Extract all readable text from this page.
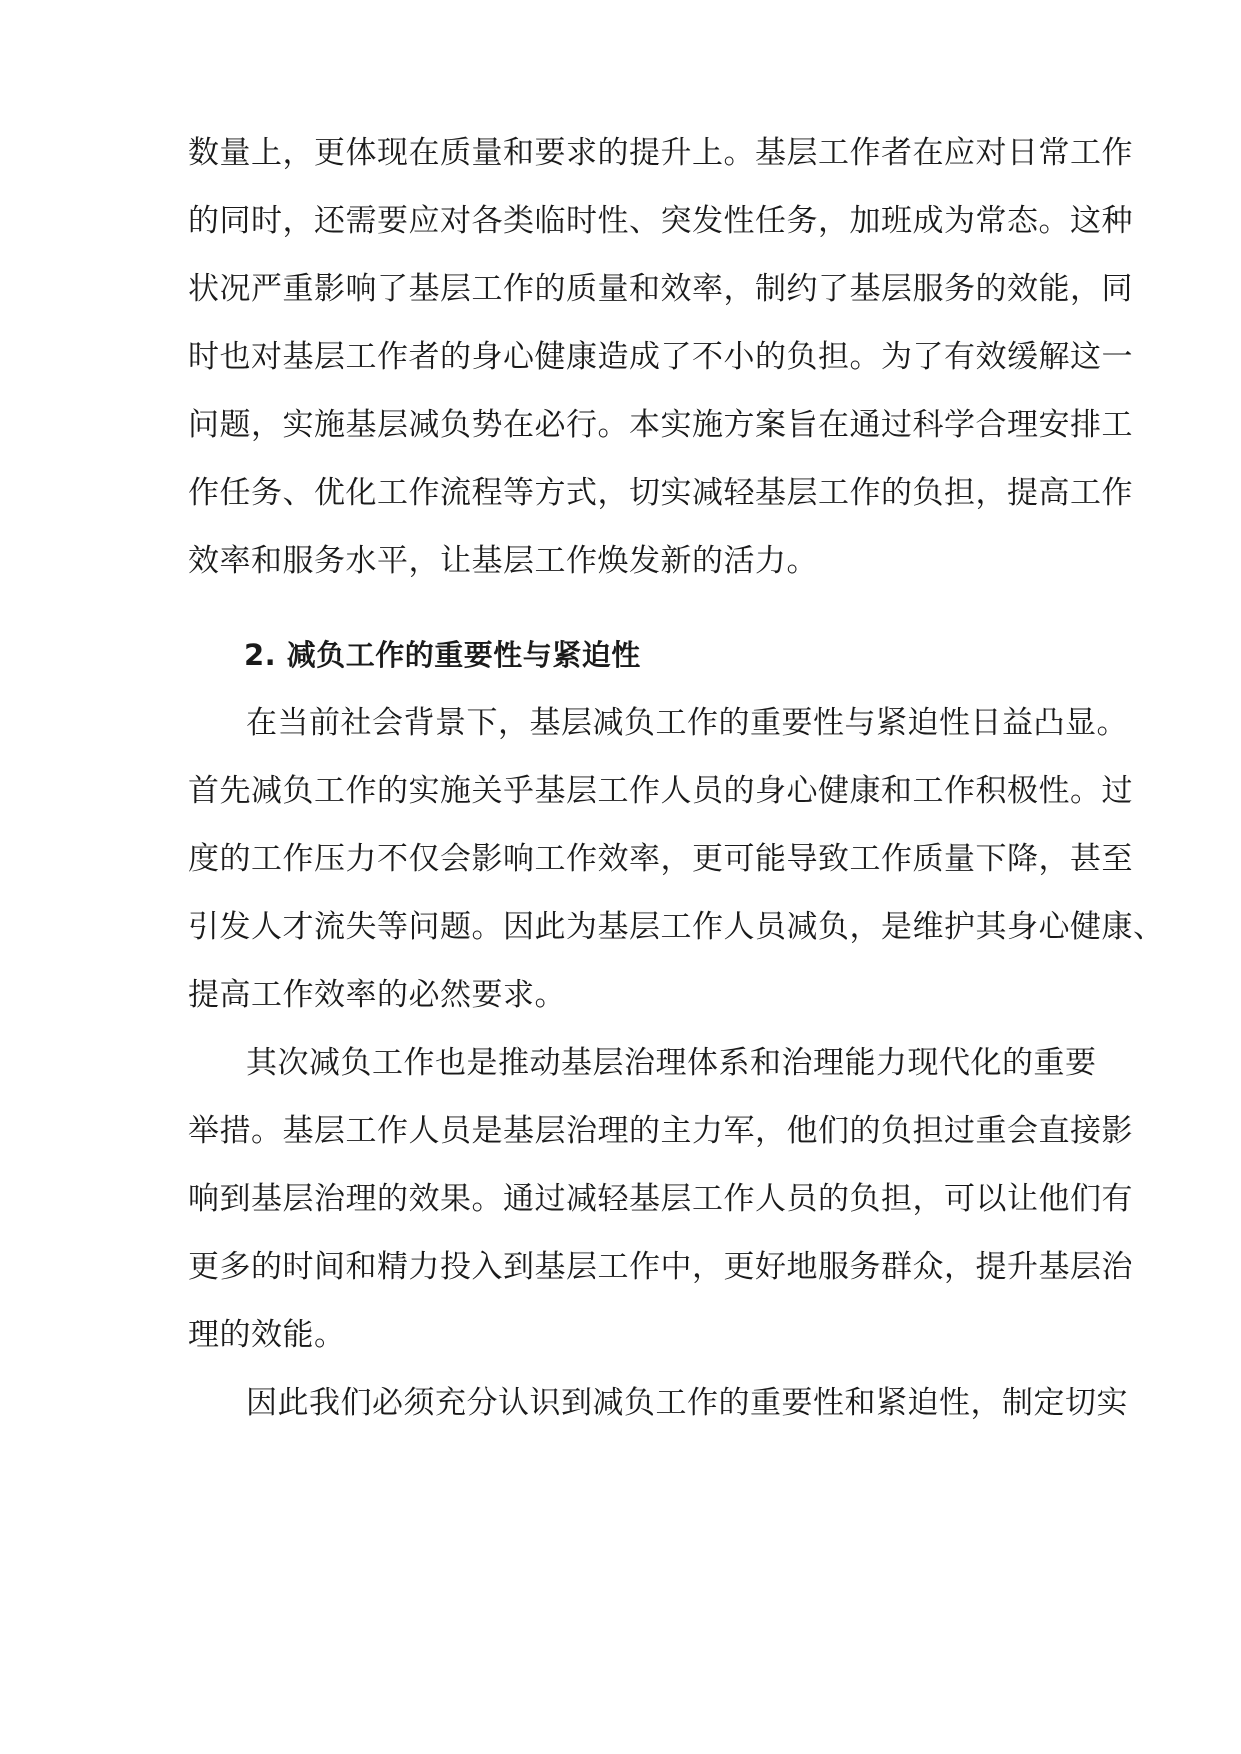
数量上，更体现在质量和要求的提升上。基层工作者在应对日常工作
的同时，还需要应对各类临时性、突发性任务，加班成为常态。这种
状况严重影响了基层工作的质量和效率，制约了基层服务的效能，同
时也对基层工作者的身心健康造成了不小的负担。为了有效缓解这一
问题，实施基层减负势在必行。本实施方案旨在通过科学合理安排工
作任务、优化工作流程等方式，切实减轻基层工作的负担，提高工作
效率和服务水平，让基层工作焕发新的活力。
2. 减负工作的重要性与紧迫性
在当前社会背景下，基层减负工作的重要性与紧迫性日益凸显。
首先减负工作的实施关乎基层工作人员的身心健康和工作积极性。过
度的工作压力不仅会影响工作效率，更可能导致工作质量下降，甚至
引发人才流失等问题。因此为基层工作人员减负，是维护其身心健康、
提高工作效率的必然要求。
其次减负工作也是推动基层治理体系和治理能力现代化的重要
举措。基层工作人员是基层治理的主力军，他们的负担过重会直接影
响到基层治理的效果。通过减轻基层工作人员的负担，可以让他们有
更多的时间和精力投入到基层工作中，更好地服务群众，提升基层治
理的效能。
因此我们必须充分认识到减负工作的重要性和紧迫性，制定切实
